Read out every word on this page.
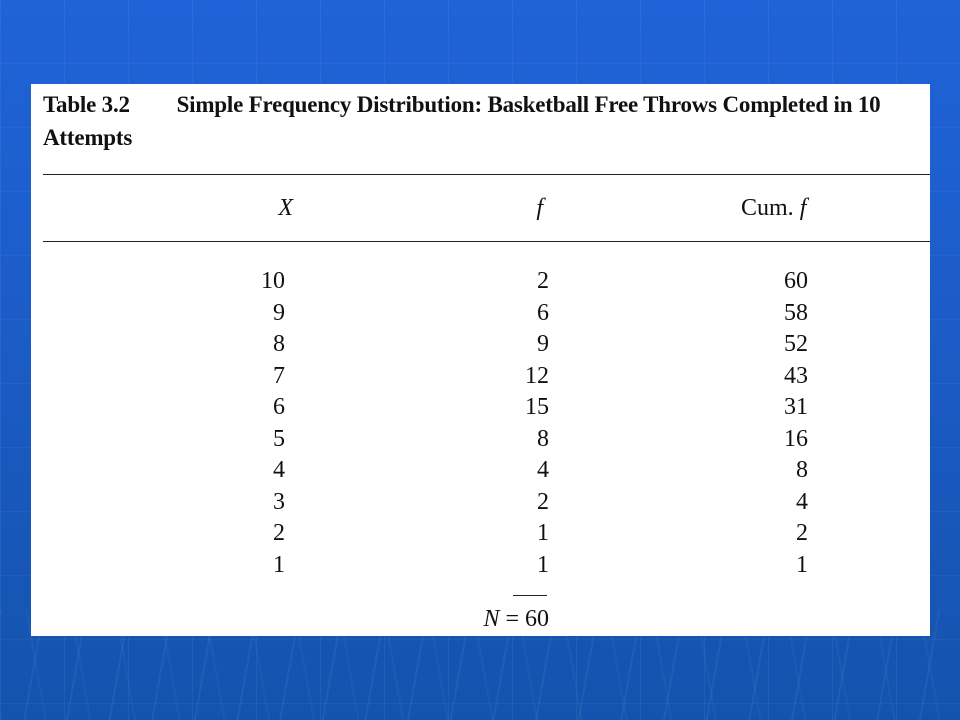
Table 3.2 Simple Frequency Distribution: Basketball Free Throws Completed in 10 Attempts
X	f	Cum. f
10	2	60
9	6	58
8	9	52
7	12	43
6	15	31
5	8	16
4	4	8
3	2	4
2	1	2
1	1	1
N = 60
